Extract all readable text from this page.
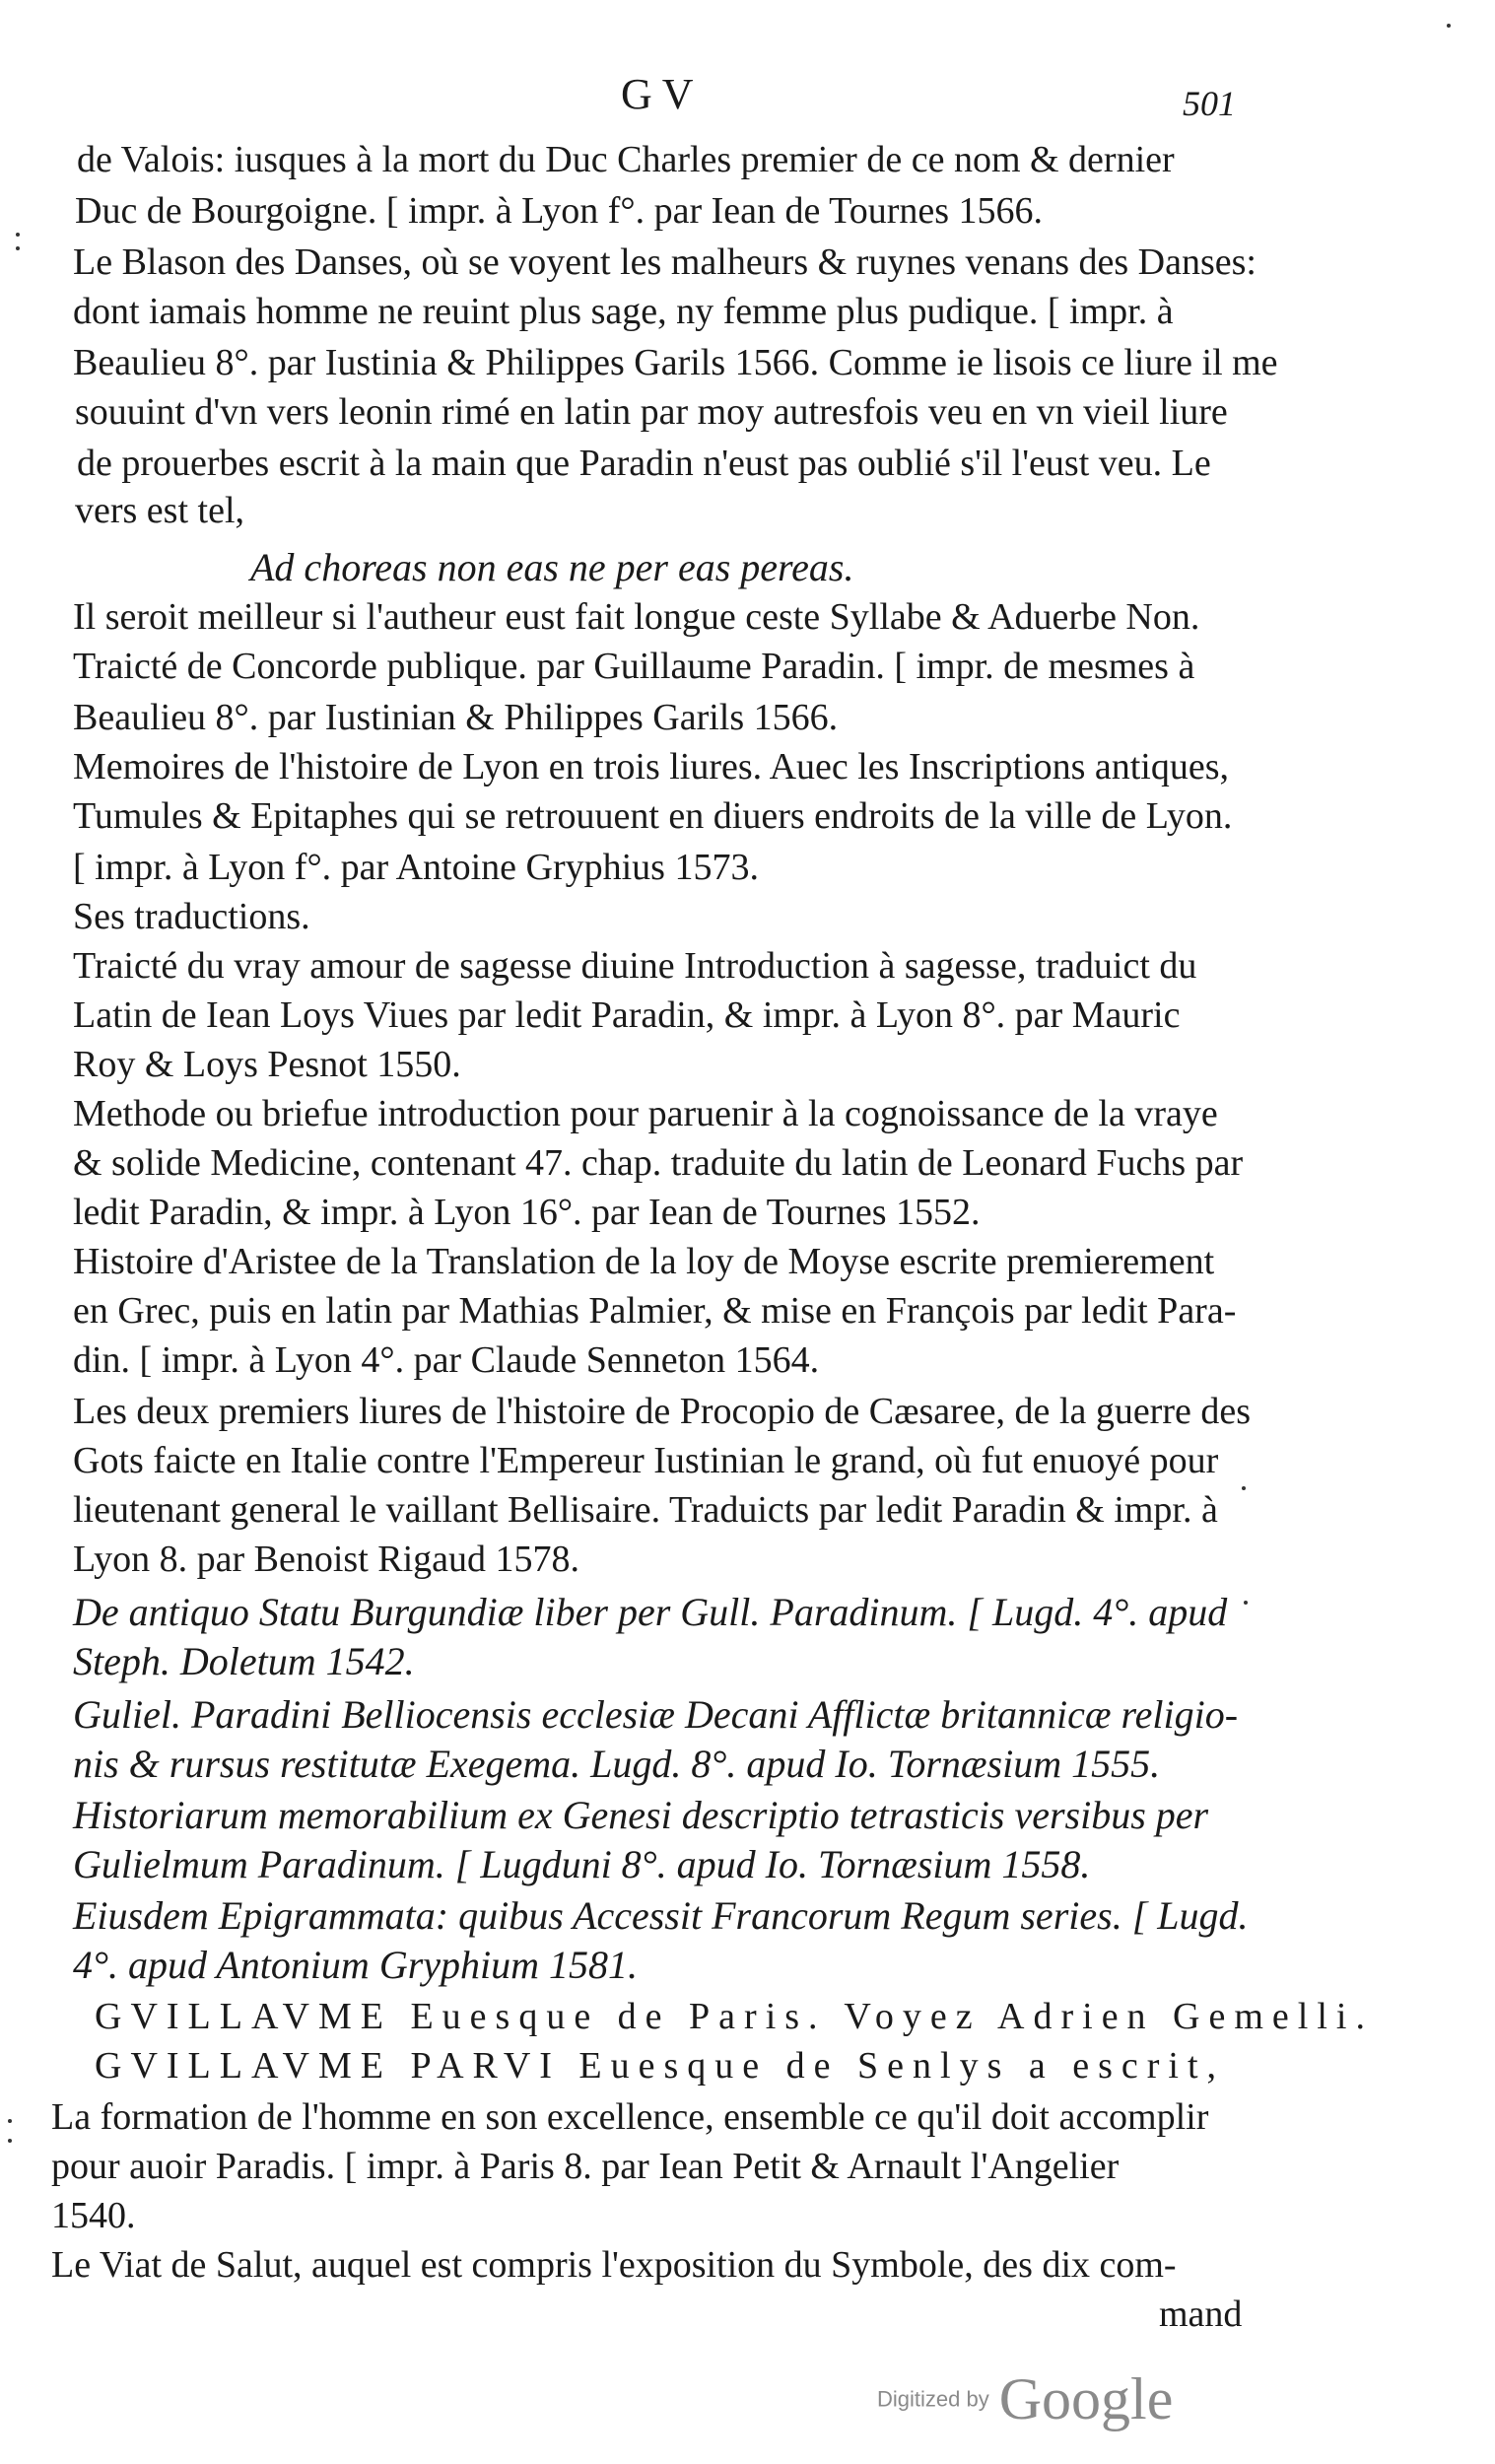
GV	501
de Valois: iusques à la mort du Duc Charles premier de ce nom & dernier
Duc de Bourgoigne. [ impr. à Lyon f°. par Iean de Tournes 1566.
Le Blason des Danses, où se voyent les malheurs & ruynes venans des Danses:
dont iamais homme ne reuint plus sage, ny femme plus pudique. [ impr. à
Beaulieu 8°. par Iustinia & Philippes Garils 1566. Comme ie lisois ce liure il me
souuint d'vn vers leonin rimé en latin par moy autresfois veu en vn vieil liure
de prouerbes escrit à la main que Paradin n'eust pas oublié s'il l'eust veu. Le
vers est tel,
Ad choreas non eas ne per eas pereas.
Il seroit meilleur si l'autheur eust fait longue ceste Syllabe & Aduerbe Non.
Traicté de Concorde publique. par Guillaume Paradin. [ impr. de mesmes à
Beaulieu 8°. par Iustinian & Philippes Garils 1566.
Memoires de l'histoire de Lyon en trois liures. Auec les Inscriptions antiques,
Tumules & Epitaphes qui se retrouuent en diuers endroits de la ville de Lyon.
[ impr. à Lyon f°. par Antoine Gryphius 1573.
Ses traductions.
Traicté du vray amour de sagesse diuine Introduction à sagesse, traduict du
Latin de Iean Loys Viues par ledit Paradin, & impr. à Lyon 8°. par Mauric
Roy & Loys Pesnot 1550.
Methode ou briefue introduction pour paruenir à la cognoissance de la vraye
& solide Medicine, contenant 47. chap. traduite du latin de Leonard Fuchs par
ledit Paradin, & impr. à Lyon 16°. par Iean de Tournes 1552.
Histoire d'Aristee de la Translation de la loy de Moyse escrite premierement
en Grec, puis en latin par Mathias Palmier, & mise en François par ledit Para-
din. [ impr. à Lyon 4°. par Claude Senneton 1564.
Les deux premiers liures de l'histoire de Procopio de Cæsaree, de la guerre des
Gots faicte en Italie contre l'Empereur Iustinian le grand, où fut enuoyé pour
lieutenant general le vaillant Bellisaire. Traduicts par ledit Paradin & impr. à
Lyon 8. par Benoist Rigaud 1578.
De antiquo Statu Burgundiæ liber per Gull. Paradinum. [ Lugd. 4°. apud
Steph. Doletum 1542.
Guliel. Paradini Belliocensis ecclesiæ Decani Afflictæ britannicæ religio-
nis & rursus restitutæ Exegema. Lugd. 8°. apud Io. Tornæsium 1555.
Historiarum memorabilium ex Genesi descriptio tetrasticis versibus per
Gulielmum Paradinum. [ Lugduni 8°. apud Io. Tornæsium 1558.
Eiusdem Epigrammata: quibus Accessit Francorum Regum series. [ Lugd.
4°. apud Antonium Gryphium 1581.
GVILLAVME Euesque de Paris. Voyez Adrien Gemelli.
GVILLAVME PARVI Euesque de Senlys a escrit,
La formation de l'homme en son excellence, ensemble ce qu'il doit accomplir
pour auoir Paradis. [ impr. à Paris 8. par Iean Petit & Arnault l'Angelier
1540.
Le Viat de Salut, auquel est compris l'exposition du Symbole, des dix com-
mand
Digitized by Google
